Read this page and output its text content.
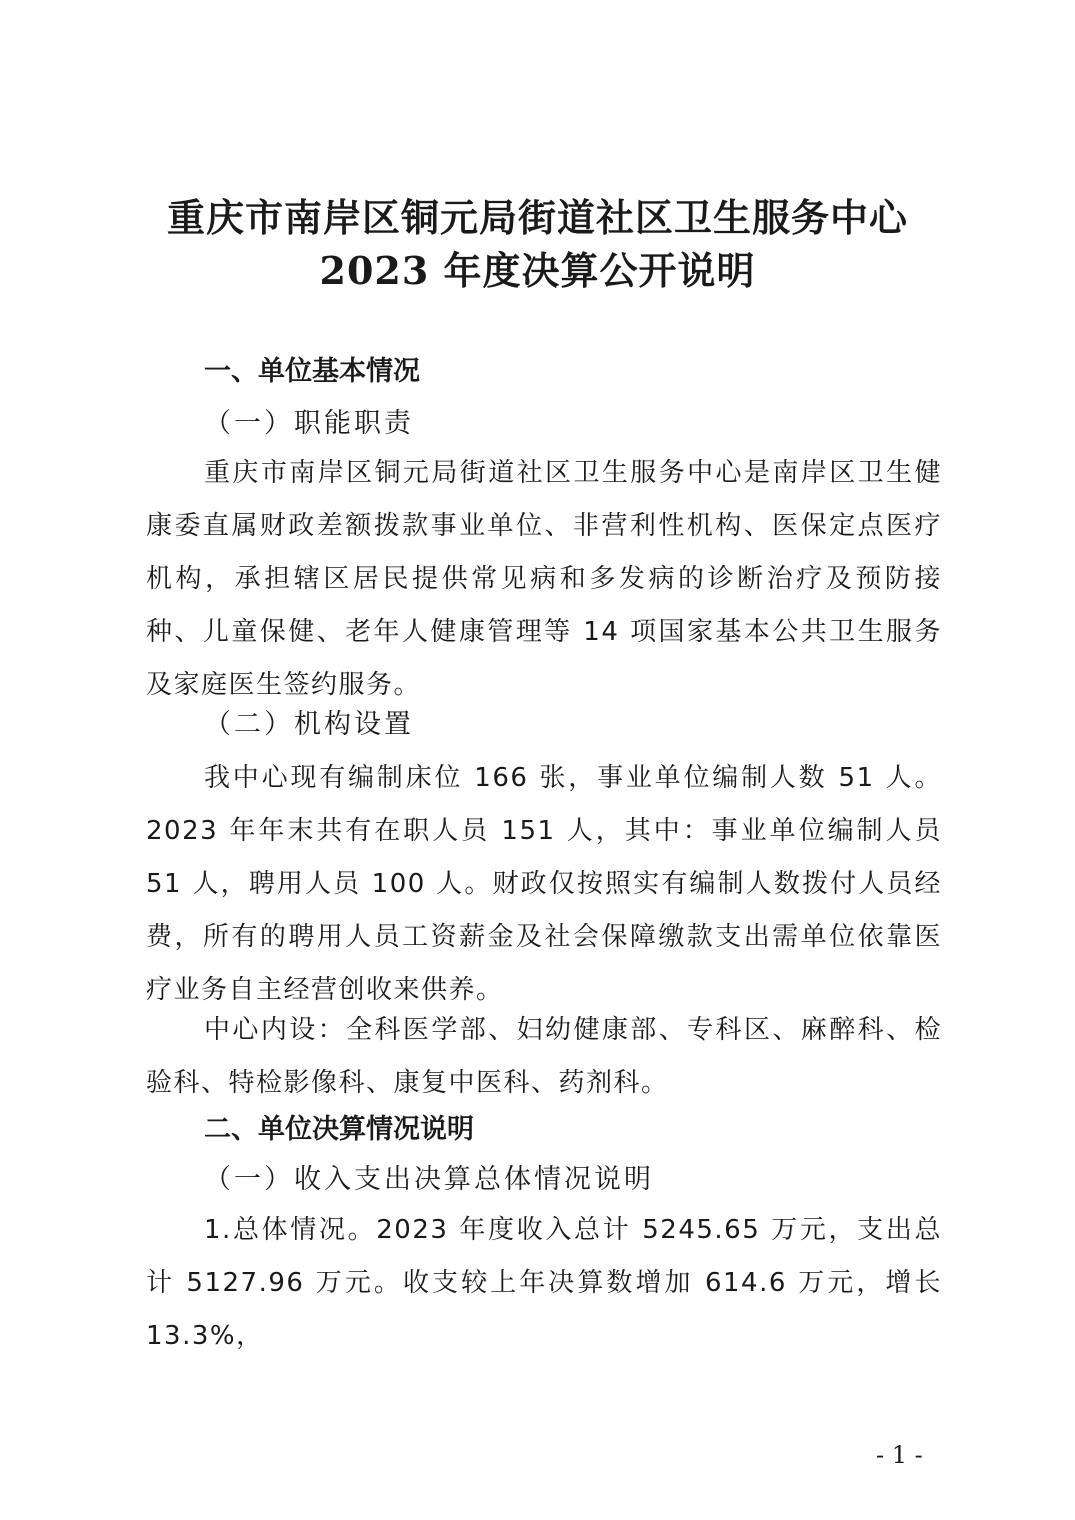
重庆市南岸区铜元局街道社区卫生服务中心
2023 年度决算公开说明
一、单位基本情况
（一）职能职责

重庆市南岸区铜元局街道社区卫生服务中心是南岸区卫生健康委直属财政差额拨款事业单位、非营利性机构、医保定点医疗机构，承担辖区居民提供常见病和多发病的诊断治疗及预防接种、儿童保健、老年人健康管理等 14 项国家基本公共卫生服务及家庭医生签约服务。

（二）机构设置

我中心现有编制床位 166 张，事业单位编制人数 51 人。2023 年年末共有在职人员 151 人，其中：事业单位编制人员 51 人，聘用人员 100 人。财政仅按照实有编制人数拨付人员经费，所有的聘用人员工资薪金及社会保障缴款支出需单位依靠医疗业务自主经营创收来供养。

中心内设：全科医学部、妇幼健康部、专科区、麻醉科、检验科、特检影像科、康复中医科、药剂科。

二、单位决算情况说明
（一）收入支出决算总体情况说明

1.总体情况。2023 年度收入总计 5245.65 万元，支出总计 5127.96 万元。收支较上年决算数增加 614.6 万元，增长 13.3%，

- 1 -
